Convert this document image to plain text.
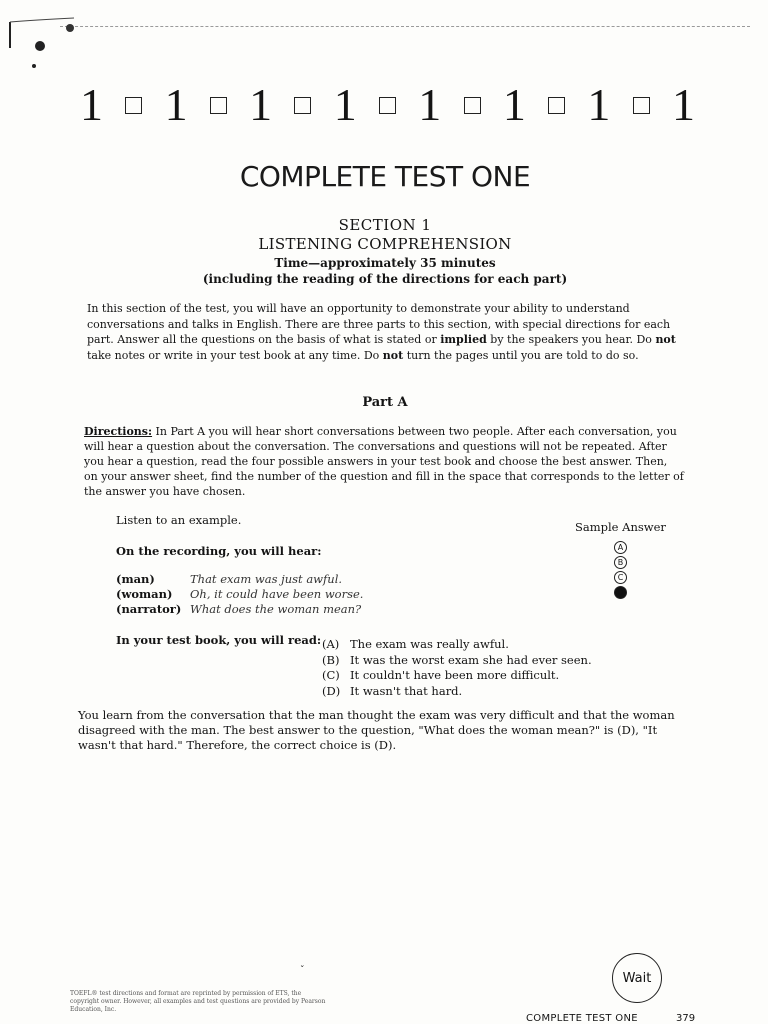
1 1 1 1 1 1 1 1
COMPLETE TEST ONE
SECTION 1
LISTENING COMPREHENSION
Time—approximately 35 minutes
(including the reading of the directions for each part)
In this section of the test, you will have an opportunity to demonstrate your ability to understand conversations and talks in English. There are three parts to this section, with special directions for each part. Answer all the questions on the basis of what is stated or implied by the speakers you hear. Do not take notes or write in your test book at any time. Do not turn the pages until you are told to do so.
Part A
Directions: In Part A you will hear short conversations between two people. After each conversation, you will hear a question about the conversation. The conversations and questions will not be repeated. After you hear a question, read the four possible answers in your test book and choose the best answer. Then, on your answer sheet, find the number of the question and fill in the space that corresponds to the letter of the answer you have chosen.
Listen to an example.	Sample Answer
A
B
C
D
On the recording, you will hear:
(man)	That exam was just awful.
(woman)	Oh, it could have been worse.
(narrator) What does the woman mean?
In your test book, you will read: (A) The exam was really awful.
(B) It was the worst exam she had ever seen.
(C) It couldn't have been more difficult.
(D) It wasn't that hard.
You learn from the conversation that the man thought the exam was very difficult and that the woman disagreed with the man. The best answer to the question, "What does the woman mean?" is (D), "It wasn't that hard." Therefore, the correct choice is (D).
ˇ
TOEFL® test directions and format are reprinted by permission of ETS, the copyright owner. However, all examples and test questions are provided by Pearson Education, Inc.
Wait
COMPLETE TEST ONE	379
